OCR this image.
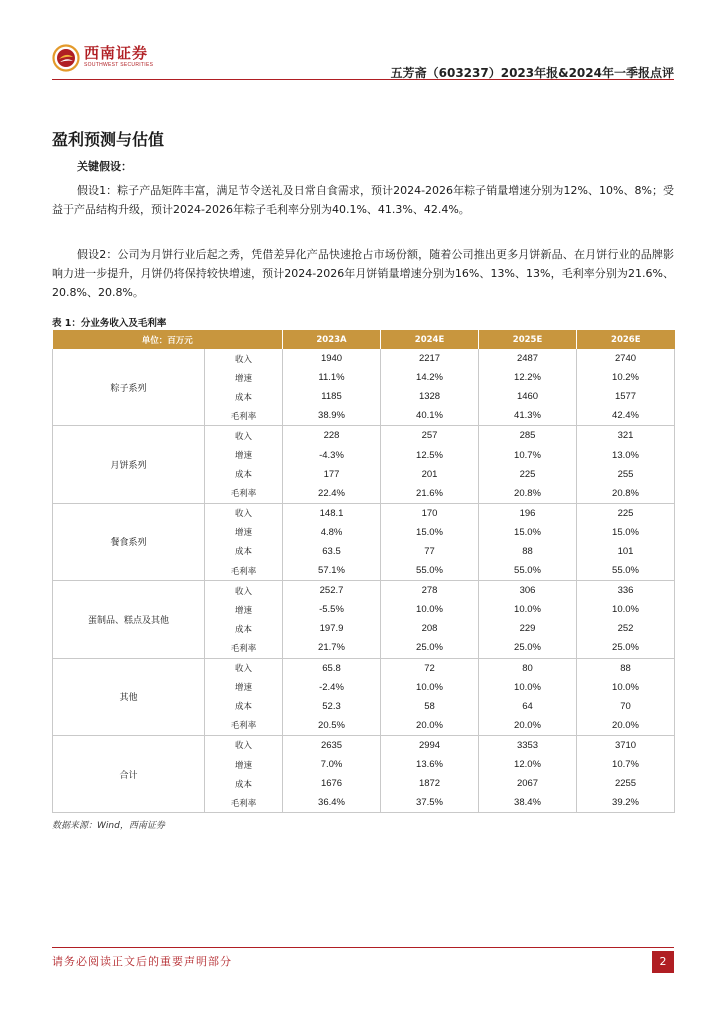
西南证券
SOUTHWEST SECURITIES
五芳斋（603237）2023年报&2024年一季报点评
盈利预测与估值
关键假设：
假设1：粽子产品矩阵丰富，满足节令送礼及日常自食需求，预计2024-2026年粽子销量增速分别为12%、10%、8%；受益于产品结构升级，预计2024-2026年粽子毛利率分别为40.1%、41.3%、42.4%。
假设2：公司为月饼行业后起之秀，凭借差异化产品快速抢占市场份额，随着公司推出更多月饼新品、在月饼行业的品牌影响力进一步提升，月饼仍将保持较快增速，预计2024-2026年月饼销量增速分别为16%、13%、13%，毛利率分别为21.6%、20.8%、20.8%。
表 1：分业务收入及毛利率
单位：百万元		2023A	2024E	2025E	2026E
粽子系列	收入	1940	2217	2487	2740
	增速	11.1%	14.2%	12.2%	10.2%
	成本	1185	1328	1460	1577
	毛利率	38.9%	40.1%	41.3%	42.4%
月饼系列	收入	228	257	285	321
	增速	-4.3%	12.5%	10.7%	13.0%
	成本	177	201	225	255
	毛利率	22.4%	21.6%	20.8%	20.8%
餐食系列	收入	148.1	170	196	225
	增速	4.8%	15.0%	15.0%	15.0%
	成本	63.5	77	88	101
	毛利率	57.1%	55.0%	55.0%	55.0%
蛋制品、糕点及其他	收入	252.7	278	306	336
	增速	-5.5%	10.0%	10.0%	10.0%
	成本	197.9	208	229	252
	毛利率	21.7%	25.0%	25.0%	25.0%
其他	收入	65.8	72	80	88
	增速	-2.4%	10.0%	10.0%	10.0%
	成本	52.3	58	64	70
	毛利率	20.5%	20.0%	20.0%	20.0%
合计	收入	2635	2994	3353	3710
	增速	7.0%	13.6%	12.0%	10.7%
	成本	1676	1872	2067	2255
	毛利率	36.4%	37.5%	38.4%	39.2%
数据来源：Wind，西南证券
请务必阅读正文后的重要声明部分	2
